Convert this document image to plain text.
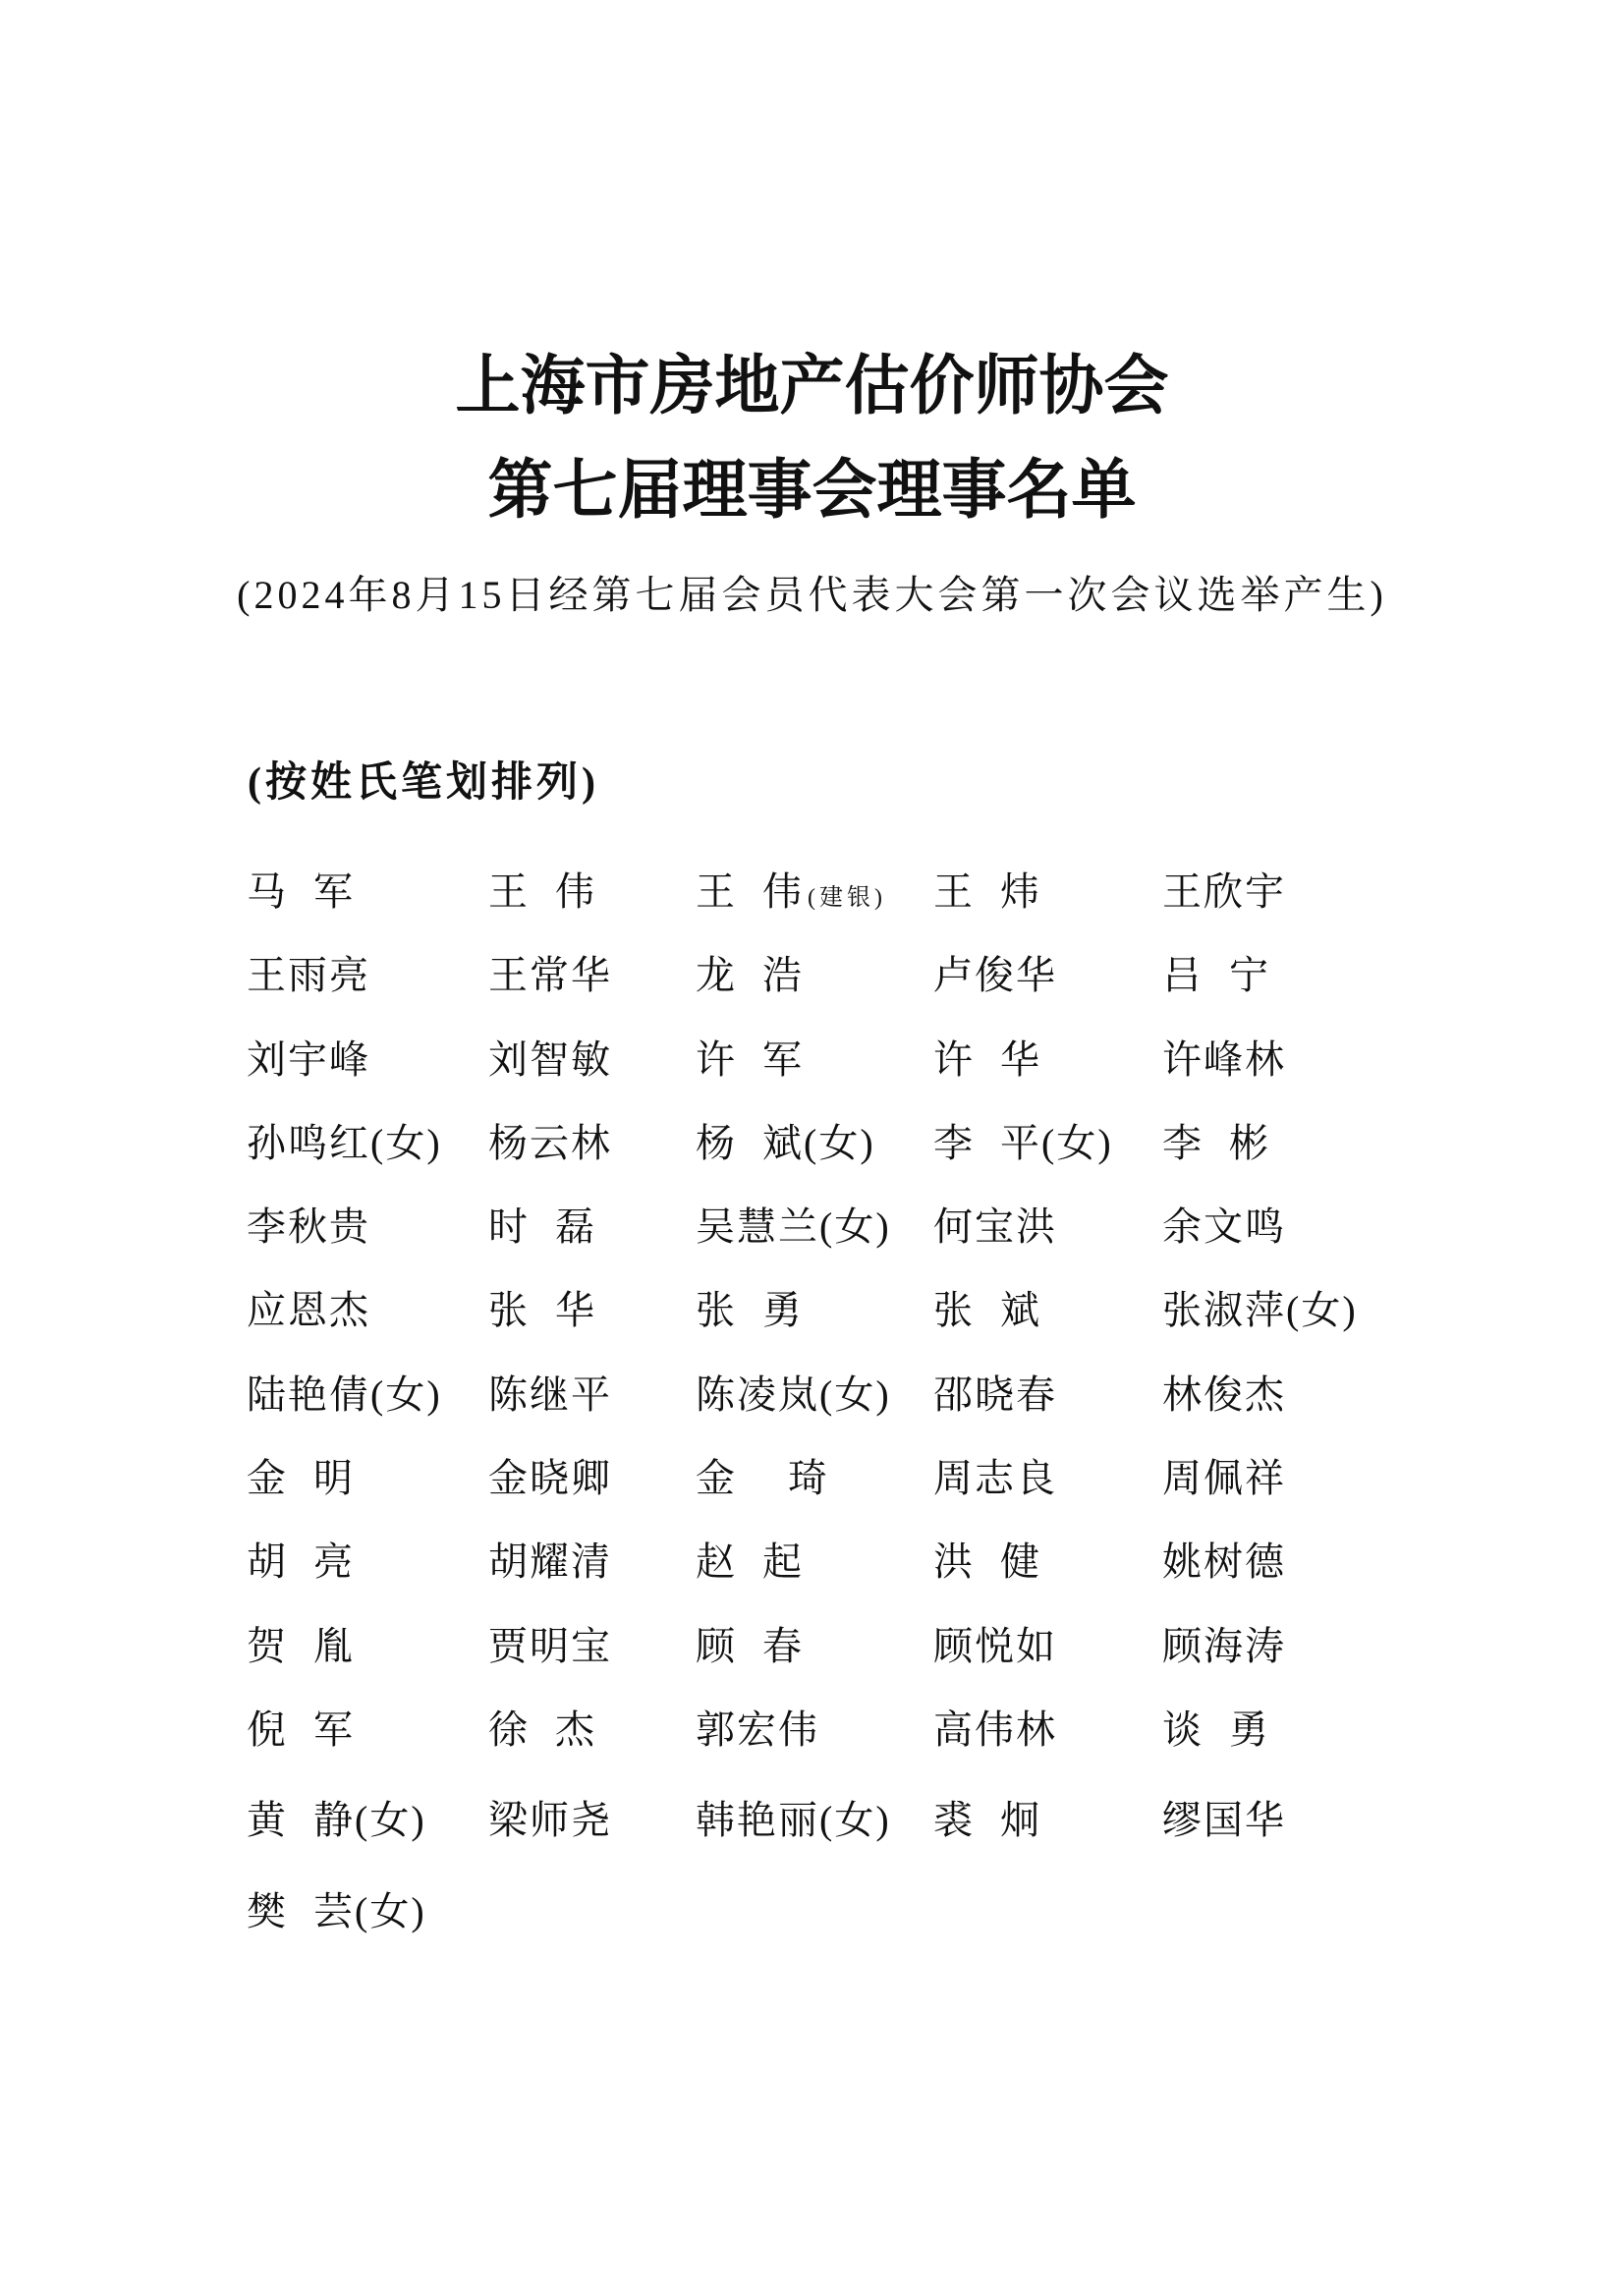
上海市房地产估价师协会
第七届理事会理事名单
(2024年8月15日经第七届会员代表大会第一次会议选举产生)
(按姓氏笔划排列)
马 军	王 伟	王 伟 (建银)	王 炜	王欣宇
王雨亮	王常华	龙 浩	卢俊华	吕 宁
刘宇峰	刘智敏	许 军	许 华	许峰林
孙鸣红(女)	杨云林	杨 斌(女)	李 平(女)	李 彬
李秋贵	时 磊	吴慧兰(女)	何宝洪	余文鸣
应恩杰	张 华	张 勇	张 斌	张淑萍(女)
陆艳倩(女)	陈继平	陈凌岚(女)	邵晓春	林俊杰
金 明	金晓卿	金  琦	周志良	周佩祥
胡 亮	胡耀清	赵 起	洪 健	姚树德
贺 胤	贾明宝	顾 春	顾悦如	顾海涛
倪 军	徐 杰	郭宏伟	高伟林	谈 勇
黄 静(女)	梁师尧	韩艳丽(女)	裘 炯	缪国华
樊 芸(女)
